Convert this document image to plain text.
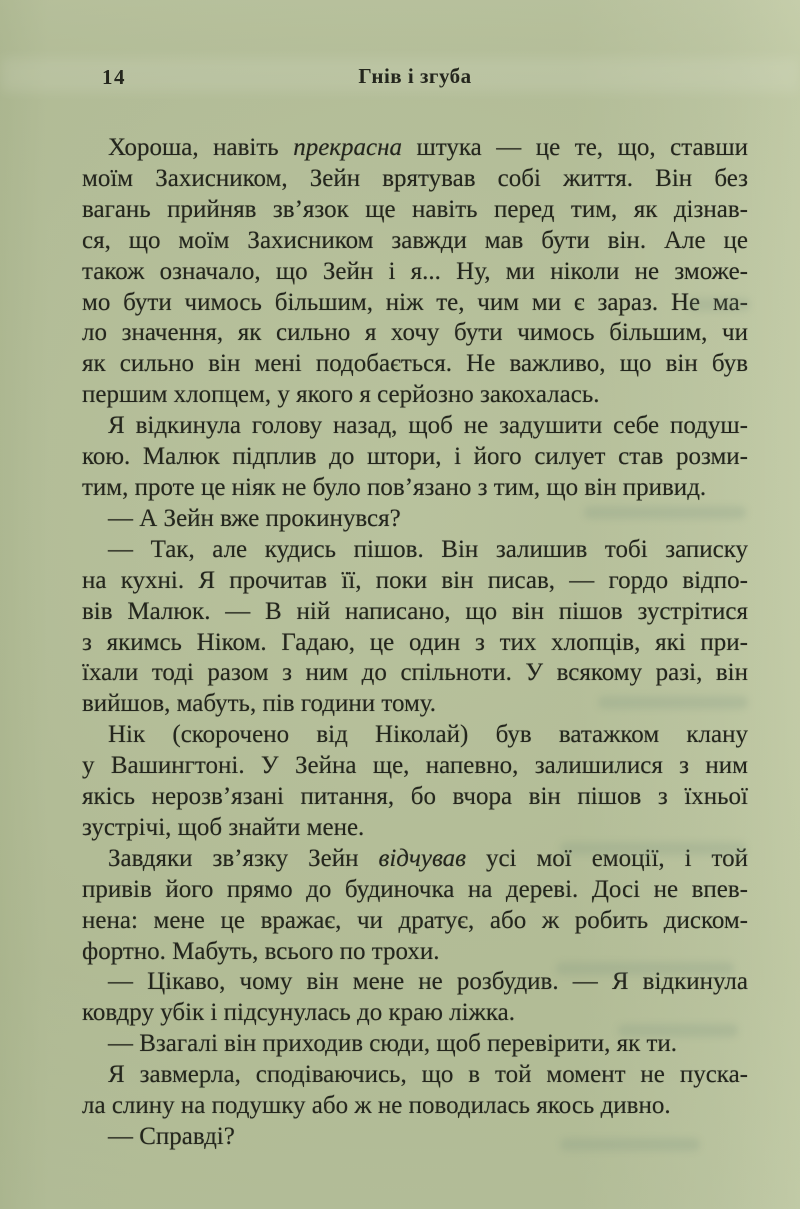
14	Гнів і згуба
Хороша, навіть прекрасна штука — це те, що, ставши
моїм Захисником, Зейн врятував собі життя. Він без
вагань прийняв зв’язок ще навіть перед тим, як дізнав-
ся, що моїм Захисником завжди мав бути він. Але це
також означало, що Зейн і я... Ну, ми ніколи не зможе-
мо бути чимось більшим, ніж те, чим ми є зараз. Не ма-
ло значення, як сильно я хочу бути чимось більшим, чи
як сильно він мені подобається. Не важливо, що він був
першим хлопцем, у якого я серйозно закохалась.
Я відкинула голову назад, щоб не задушити себе подуш-
кою. Малюк підплив до штори, і його силует став розми-
тим, проте це ніяк не було пов’язано з тим, що він привид.
— А Зейн вже прокинувся?
— Так, але кудись пішов. Він залишив тобі записку
на кухні. Я прочитав її, поки він писав, — гордо відпо-
вів Малюк. — В ній написано, що він пішов зустрітися
з якимсь Ніком. Гадаю, це один з тих хлопців, які при-
їхали тоді разом з ним до спільноти. У всякому разі, він
вийшов, мабуть, пів години тому.
Нік (скорочено від Ніколай) був ватажком клану
у Вашингтоні. У Зейна ще, напевно, залишилися з ним
якісь нерозв’язані питання, бо вчора він пішов з їхньої
зустрічі, щоб знайти мене.
Завдяки зв’язку Зейн відчував усі мої емоції, і той
привів його прямо до будиночка на дереві. Досі не впев-
нена: мене це вражає, чи дратує, або ж робить диском-
фортно. Мабуть, всього по трохи.
— Цікаво, чому він мене не розбудив. — Я відкинула
ковдру убік і підсунулась до краю ліжка.
— Взагалі він приходив сюди, щоб перевірити, як ти.
Я завмерла, сподіваючись, що в той момент не пуска-
ла слину на подушку або ж не поводилась якось дивно.
— Справді?
